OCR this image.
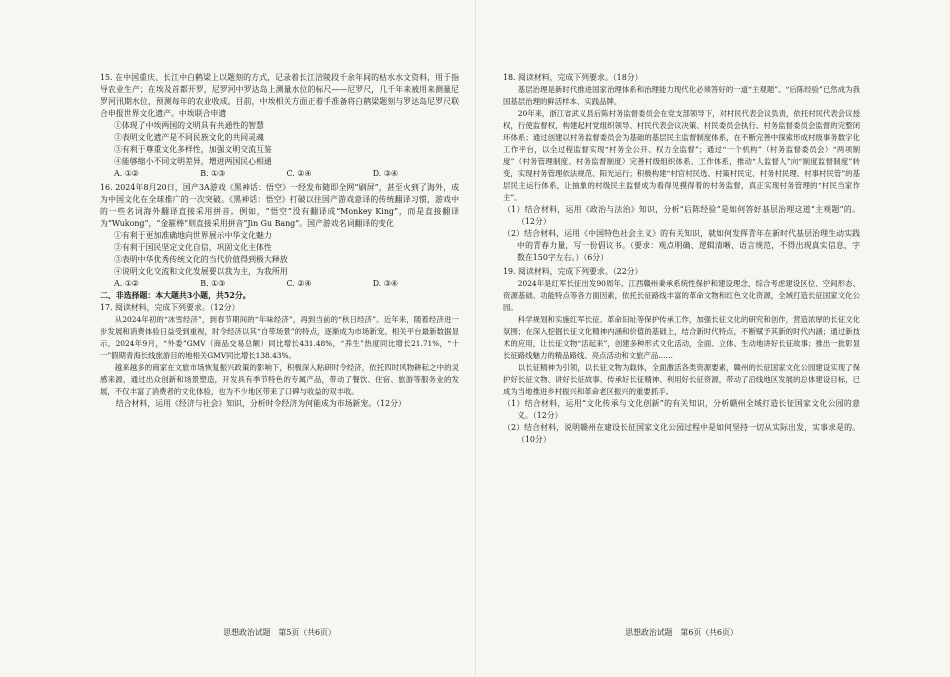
15. 在中国重庆、长江中白鹤梁上以题刻的方式，记录着长江涪陵段千余年间的枯水水文资料，用于指导农业生产；在埃及首都开罗，尼罗河中罗达岛上测量水位的标尺——尼罗尺，几千年来被用来测量尼罗河汛期水位，预测每年的农业收成。目前，中埃相关方面正着手准备将白鹤梁题刻与罗达岛尼罗尺联合申报世界文化遗产。中埃联合申遗

①体现了中埃两国的文明具有共通性的智慧

②表明文化遗产是不同民族文化的共同灵魂

③有利于尊重文化多样性，加强文明交流互鉴

④能够缩小不同文明差异，增进两国民心相通

A. ①②	B. ①③	C. ②④	D. ③④

16. 2024年8月20日，国产3A游戏《黑神话：悟空》一经发布随即全网“刷屏”，甚至火到了海外，成为中国文化在全球推广的一次突破。《黑神话：悟空》打破以往国产游戏意译的传统翻译习惯，游戏中的一些名词海外翻译直接采用拼音。例如，“悟空”没有翻译成“Monkey King”，而是直接翻译为“Wukong”，“金箍棒”则直接采用拼音“Jin Gu Bang”。国产游戏名词翻译的变化

①有利于更加准确地向世界展示中华文化魅力

②有利于国民坚定文化自信，巩固文化主体性

③表明中华优秀传统文化的当代价值得到极大释放

④说明文化交流和文化发展要以我为主，为我所用

A. ①②	B. ①③	C. ②④	D. ③④

二、非选择题：本大题共3小题，共52分。

17. 阅读材料，完成下列要求。（12分）

从2024年初的“冰雪经济”，到春节期间的“年味经济”，再到当前的“秋日经济”。近年来，随着经济进一步发展和消费体验日益受到重视，时令经济以其“自带场景”的特点，逐渐成为市场新宠。相关平台最新数据显示，2024年9月，“外委”GMV（商品交易总额）同比增长431.48%，“养生”热度同比增长21.71%，“十一”假期青海长线旅游目的地相关GMV同比增长138.43%。

越来越多的商家在文旅市场恢复振兴政策的影响下，积极深入粘研时令经济，依托四时风物耕耘之中的灵感来源，通过出众创新和场景塑造，开发具有季节特色的专属产品，带动了餐饮、住宿、旅游等服务业的发展，不仅丰富了消费者的文化体验，也为不少地区带来了口碑与收益的双丰收。

结合材料，运用《经济与社会》知识，分析时令经济为何能成为市场新宠。（12分）

思想政治试题　第5页（共6页）

18. 阅读材料，完成下列要求。（18分）

基层治理是新时代推进国家治理体系和治理能力现代化必须答好的一道“主观题”。“后陈经验”已然成为我国基层治理的鲜活样本、实践品牌。

20年来，浙江省武义县后陈村务监督委员会在党支部领导下，对村民代表会议负责，依托村民代表会议授权，行使监督权，构建起村党组织领导、村民代表会议决策、村民委员会执行、村务监督委员会监督的完整闭环体系；通过创建以村务监督委员会为基础的基层民主监督制度体系，在不断完善中探索形成村级事务数字化工作平台，以全过程监督实现“村务全公开、权力全监督”；通过“一个机构”（村务监督委员会）“两项制度”（村务管理制度、村务监督制度）完善村级组织体系、工作体系，推动“人监督人”向“制度监督制度”转变，实现村务管理依法规范、阳光运行；积极构建“村官村民选、村策村民定、村务村民理、村事村民管”的基层民主运行体系，让抽象的村级民主监督成为看得见摸得着的村务监督，真正实现村务管理的“村民当家作主”。

（1）结合材料，运用《政治与法治》知识，分析“后陈经验”是如何答好基层治理这道“主观题”的。（12分）

（2）结合材料，运用《中国特色社会主义》的有关知识，就如何发挥青年在新时代基层治理生动实践中的青春力量，写一份倡议书。（要求：观点明确、逻辑清晰、语言规范，不得出现真实信息，字数在150字左右。）（6分）

19. 阅读材料，完成下列要求。（22分）

2024年是红军长征出发90周年。江西赣州秉承系统性保护和建设理念，综合考虑建设区位、空间形态、资源基础、功能特点等各方面因素，依托长征路线丰富的革命文物和红色文化资源，全域打造长征国家文化公园。

科学规划和实施红军长征、革命旧址等保护传承工作，加强长征文化的研究和创作，营造浓厚的长征文化氛围；在深入挖掘长征文化精神内涵和价值的基础上，结合新时代特点，不断赋予其新的时代内涵；通过新技术的应用，让长征文物“活起来”，创建多种形式文化活动，全面、立体、生动地讲好长征故事；推出一批彰显长征路线魅力的精品路线、亮点活动和文旅产品……

以长征精神为引领，以长征文物为载体，全面激活各类资源要素，赣州的长征国家文化公园建设实现了保护好长征文物、讲好长征故事、传承好长征精神、利用好长征资源，带动了沿线地区发展的总体建设目标，已成为当地推进乡村振兴和革命老区振兴的重要抓手。

（1）结合材料，运用“文化传承与文化创新”的有关知识，分析赣州全域打造长征国家文化公园的意义。（12分）

（2）结合材料，说明赣州在建设长征国家文化公园过程中是如何坚持一切从实际出发，实事求是的。（10分）

思想政治试题　第6页（共6页）
